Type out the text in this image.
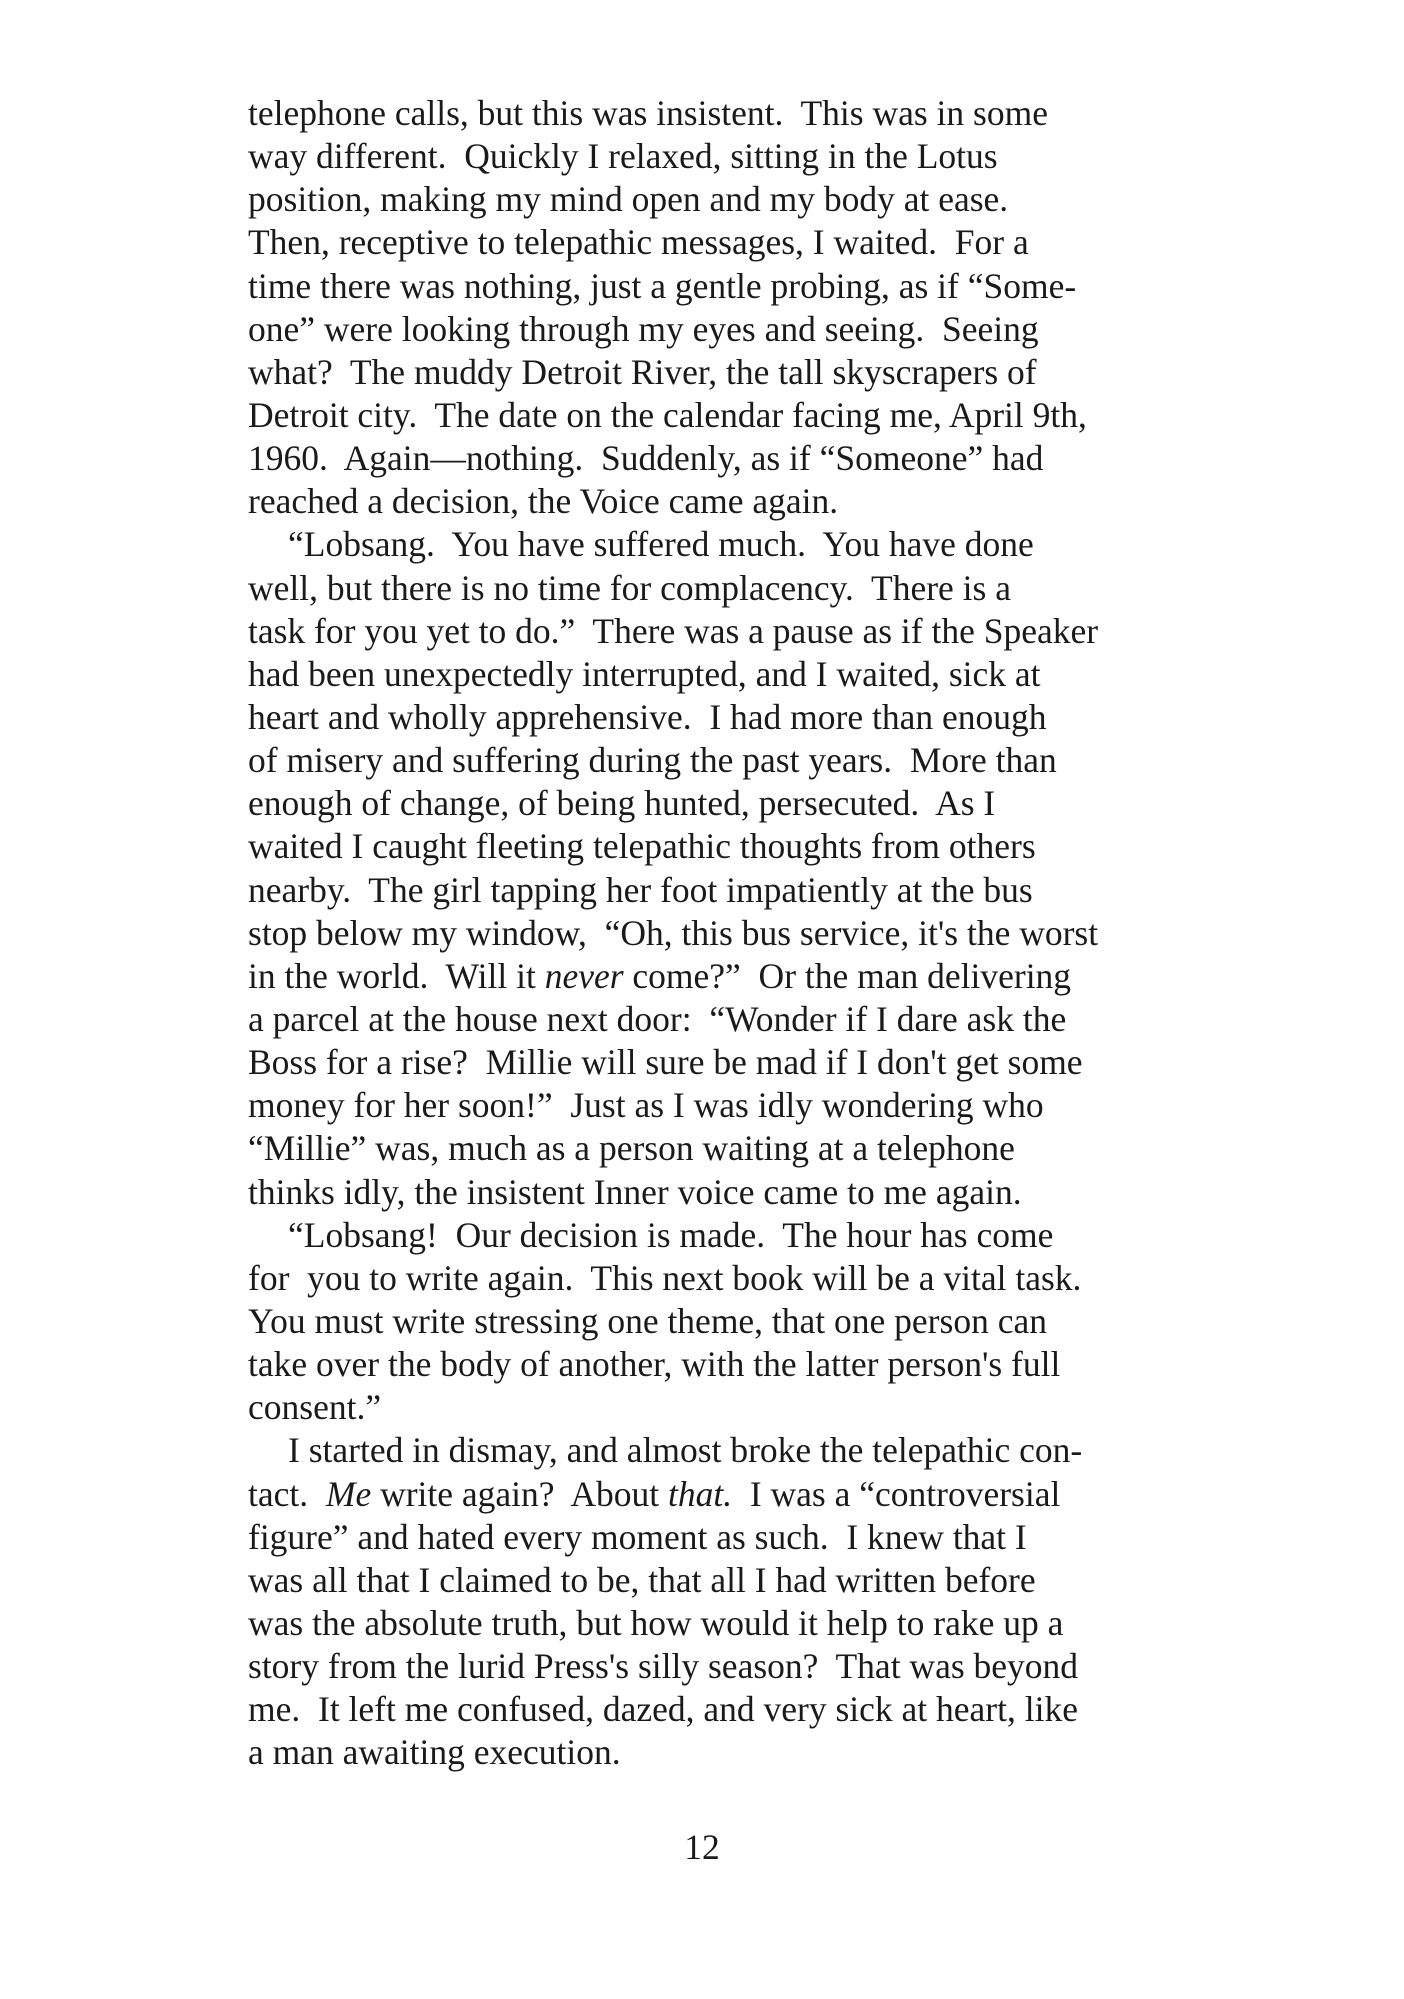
telephone calls, but this was insistent.  This was in some
way different.  Quickly I relaxed, sitting in the Lotus
position, making my mind open and my body at ease.
Then, receptive to telepathic messages, I waited.  For a
time there was nothing, just a gentle probing, as if “Some-
one” were looking through my eyes and seeing.  Seeing
what?  The muddy Detroit River, the tall skyscrapers of
Detroit city.  The date on the calendar facing me, April 9th,
1960.  Again—nothing.  Suddenly, as if “Someone” had
reached a decision, the Voice came again.
“Lobsang.  You have suffered much.  You have done
well, but there is no time for complacency.  There is a
task for you yet to do.”  There was a pause as if the Speaker
had been unexpectedly interrupted, and I waited, sick at
heart and wholly apprehensive.  I had more than enough
of misery and suffering during the past years.  More than
enough of change, of being hunted, persecuted.  As I
waited I caught fleeting telepathic thoughts from others
nearby.  The girl tapping her foot impatiently at the bus
stop below my window,  “Oh, this bus service, it's the worst
in the world.  Will it never come?”  Or the man delivering
a parcel at the house next door:  “Wonder if I dare ask the
Boss for a rise?  Millie will sure be mad if I don't get some
money for her soon!”  Just as I was idly wondering who
“Millie” was, much as a person waiting at a telephone
thinks idly, the insistent Inner voice came to me again.
“Lobsang!  Our decision is made.  The hour has come
for  you to write again.  This next book will be a vital task.
You must write stressing one theme, that one person can
take over the body of another, with the latter person's full
consent.”
I started in dismay, and almost broke the telepathic con-
tact.  Me write again?  About that.  I was a “controversial
figure” and hated every moment as such.  I knew that I
was all that I claimed to be, that all I had written before
was the absolute truth, but how would it help to rake up a
story from the lurid Press's silly season?  That was beyond
me.  It left me confused, dazed, and very sick at heart, like
a man awaiting execution.
12
